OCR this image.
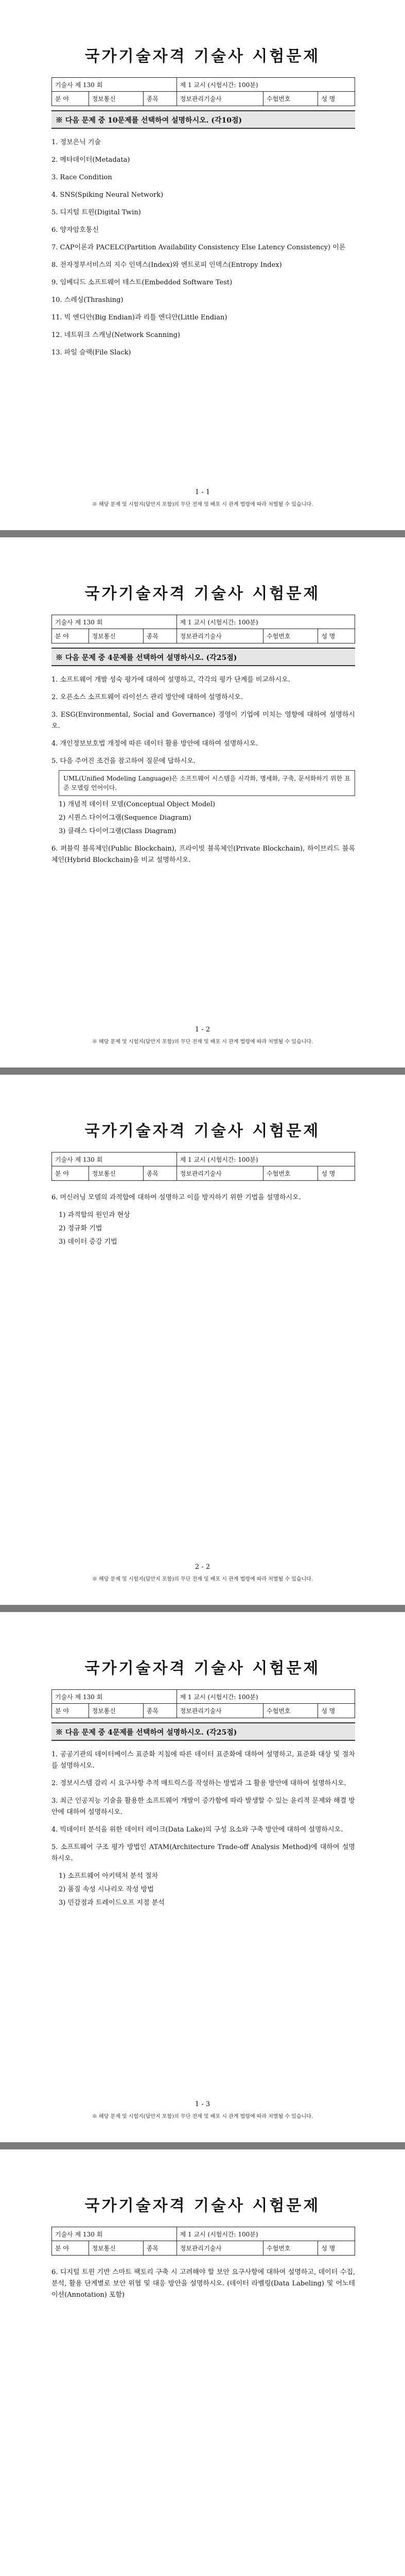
국가기술자격 기술사 시험문제
기술사 제 130 회			제 1 교시 (시험시간: 100분)		
분 야	정보통신	종목	정보관리기술사	수험번호	성 명
※ 다음 문제 중 10문제를 선택하여 설명하시오. (각10점)
1. 정보은닉 기술
2. 메타데이터(Metadata)
3. Race Condition
4. SNS(Spiking Neural Network)
5. 디지털 트윈(Digital Twin)
6. 양자암호통신
7. CAP이론과 PACELC(Partition Availability Consistency Else Latency Consistency) 이론
8. 전자정부서비스의 지수 인덱스(Index)와 엔트로피 인덱스(Entropy Index)
9. 임베디드 소프트웨어 테스트(Embedded Software Test)
10. 스레싱(Thrashing)
11. 빅 엔디안(Big Endian)과 리틀 엔디안(Little Endian)
12. 네트워크 스캐닝(Network Scanning)
13. 파일 슬랙(File Slack)
1 - 1
※ 해당 문제 및 시험지(답안지 포함)의 무단 전재 및 배포 시 관계 법령에 따라 처벌될 수 있습니다.
국가기술자격 기술사 시험문제
기술사 제 130 회			제 1 교시 (시험시간: 100분)		
분 야	정보통신	종목	정보관리기술사	수험번호	성 명
※ 다음 문제 중 4문제를 선택하여 설명하시오. (각25점)
1. 소프트웨어 개발 성숙 평가에 대하여 설명하고, 각각의 평가 단계를 비교하시오.
2. 오픈소스 소프트웨어 라이선스 관리 방안에 대하여 설명하시오.
3. ESG(Environmental, Social and Governance) 경영이 기업에 미치는 영향에 대하여 설명하시오.
4. 개인정보보호법 개정에 따른 데이터 활용 방안에 대하여 설명하시오.
5. 다음 주어진 조건을 참고하여 질문에 답하시오.
UML(Unified Modeling Language)은 소프트웨어 시스템을 시각화, 명세화, 구축, 문서화하기 위한 표준 모델링 언어이다.
1) 개념적 데이터 모델(Conceptual Object Model)
2) 시퀀스 다이어그램(Sequence Diagram)
3) 클래스 다이어그램(Class Diagram)
6. 퍼블릭 블록체인(Public Blockchain), 프라이빗 블록체인(Private Blockchain), 하이브리드 블록체인(Hybrid Blockchain)을 비교 설명하시오.
1 - 2
※ 해당 문제 및 시험지(답안지 포함)의 무단 전재 및 배포 시 관계 법령에 따라 처벌될 수 있습니다.
국가기술자격 기술사 시험문제
기술사 제 130 회			제 1 교시 (시험시간: 100분)		
분 야	정보통신	종목	정보관리기술사	수험번호	성 명
6. 머신러닝 모델의 과적합에 대하여 설명하고 이를 방지하기 위한 기법을 설명하시오.
1) 과적합의 원인과 현상
2) 정규화 기법
3) 데이터 증강 기법
2 - 2
※ 해당 문제 및 시험지(답안지 포함)의 무단 전재 및 배포 시 관계 법령에 따라 처벌될 수 있습니다.
국가기술자격 기술사 시험문제
기술사 제 130 회			제 1 교시 (시험시간: 100분)		
분 야	정보통신	종목	정보관리기술사	수험번호	성 명
※ 다음 문제 중 4문제를 선택하여 설명하시오. (각25점)
1. 공공기관의 데이터베이스 표준화 지침에 따른 데이터 표준화에 대하여 설명하고, 표준화 대상 및 절차를 설명하시오.
2. 정보시스템 감리 시 요구사항 추적 매트릭스를 작성하는 방법과 그 활용 방안에 대하여 설명하시오.
3. 최근 인공지능 기술을 활용한 소프트웨어 개발이 증가함에 따라 발생할 수 있는 윤리적 문제와 해결 방안에 대하여 설명하시오.
4. 빅데이터 분석을 위한 데이터 레이크(Data Lake)의 구성 요소와 구축 방안에 대하여 설명하시오.
5. 소프트웨어 구조 평가 방법인 ATAM(Architecture Trade-off Analysis Method)에 대하여 설명하시오.
1) 소프트웨어 아키텍처 분석 절차
2) 품질 속성 시나리오 작성 방법
3) 민감점과 트레이드오프 지점 분석
1 - 3
※ 해당 문제 및 시험지(답안지 포함)의 무단 전재 및 배포 시 관계 법령에 따라 처벌될 수 있습니다.
국가기술자격 기술사 시험문제
기술사 제 130 회			제 1 교시 (시험시간: 100분)		
분 야	정보통신	종목	정보관리기술사	수험번호	성 명
6. 디지털 트윈 기반 스마트 팩토리 구축 시 고려해야 할 보안 요구사항에 대하여 설명하고, 데이터 수집, 분석, 활용 단계별로 보안 위협 및 대응 방안을 설명하시오. (데이터 라벨링(Data Labeling) 및 어노테이션(Annotation) 포함)
